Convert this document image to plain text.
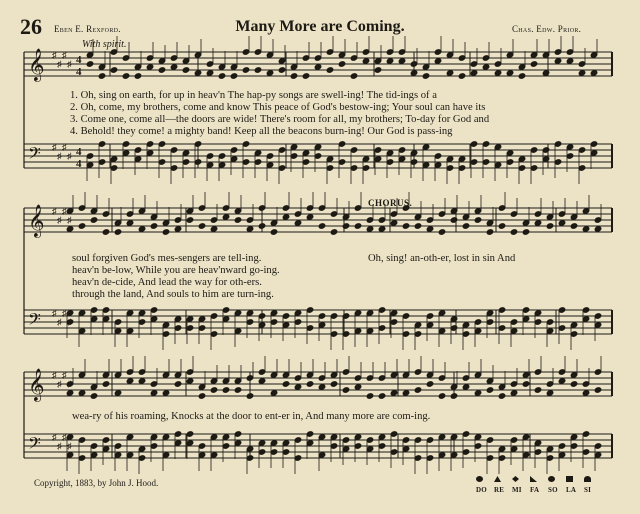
𝄞 ♯
♯
♯
♯ 4
4
𝄢 ♯
♯
♯
♯ 4
4
𝄞 ♯
♯
♯
♯
𝄢 ♯
♯
♯
𝄞 ♯
♯
♯
𝄢 ♯
♯
♯
♯
26 Eben E. Rexford.	Many More are Coming.	Chas. Edw. Prior.
With spirit.
1. Oh, sing on earth, for up in heav'n The hap-py songs are swell-ing! The tid-ings of a
2. Oh, come, my brothers, come and know This peace of God's bestow-ing; Your soul can have its
3. Come one, come all—the doors are wide! There's room for all, my brothers; To-day for God and
4. Behold! they come! a mighty band! Keep all the beacons burn-ing! Our God is pass-ing
CHORUS.
soul forgiven God's mes-sengers are tell-ing.
heav'n be-low, While you are heav'nward go-ing.
heav'n de-cide, And lead the way for oth-ers.
through the land, And souls to him are turn-ing.
Oh, sing! an-oth-er, lost in sin And
wea-ry of his roaming, Knocks at the door to ent-er in, And many more are com-ing.
Copyright, 1883, by John J. Hood.
DO RE MI FA SO LA SI
